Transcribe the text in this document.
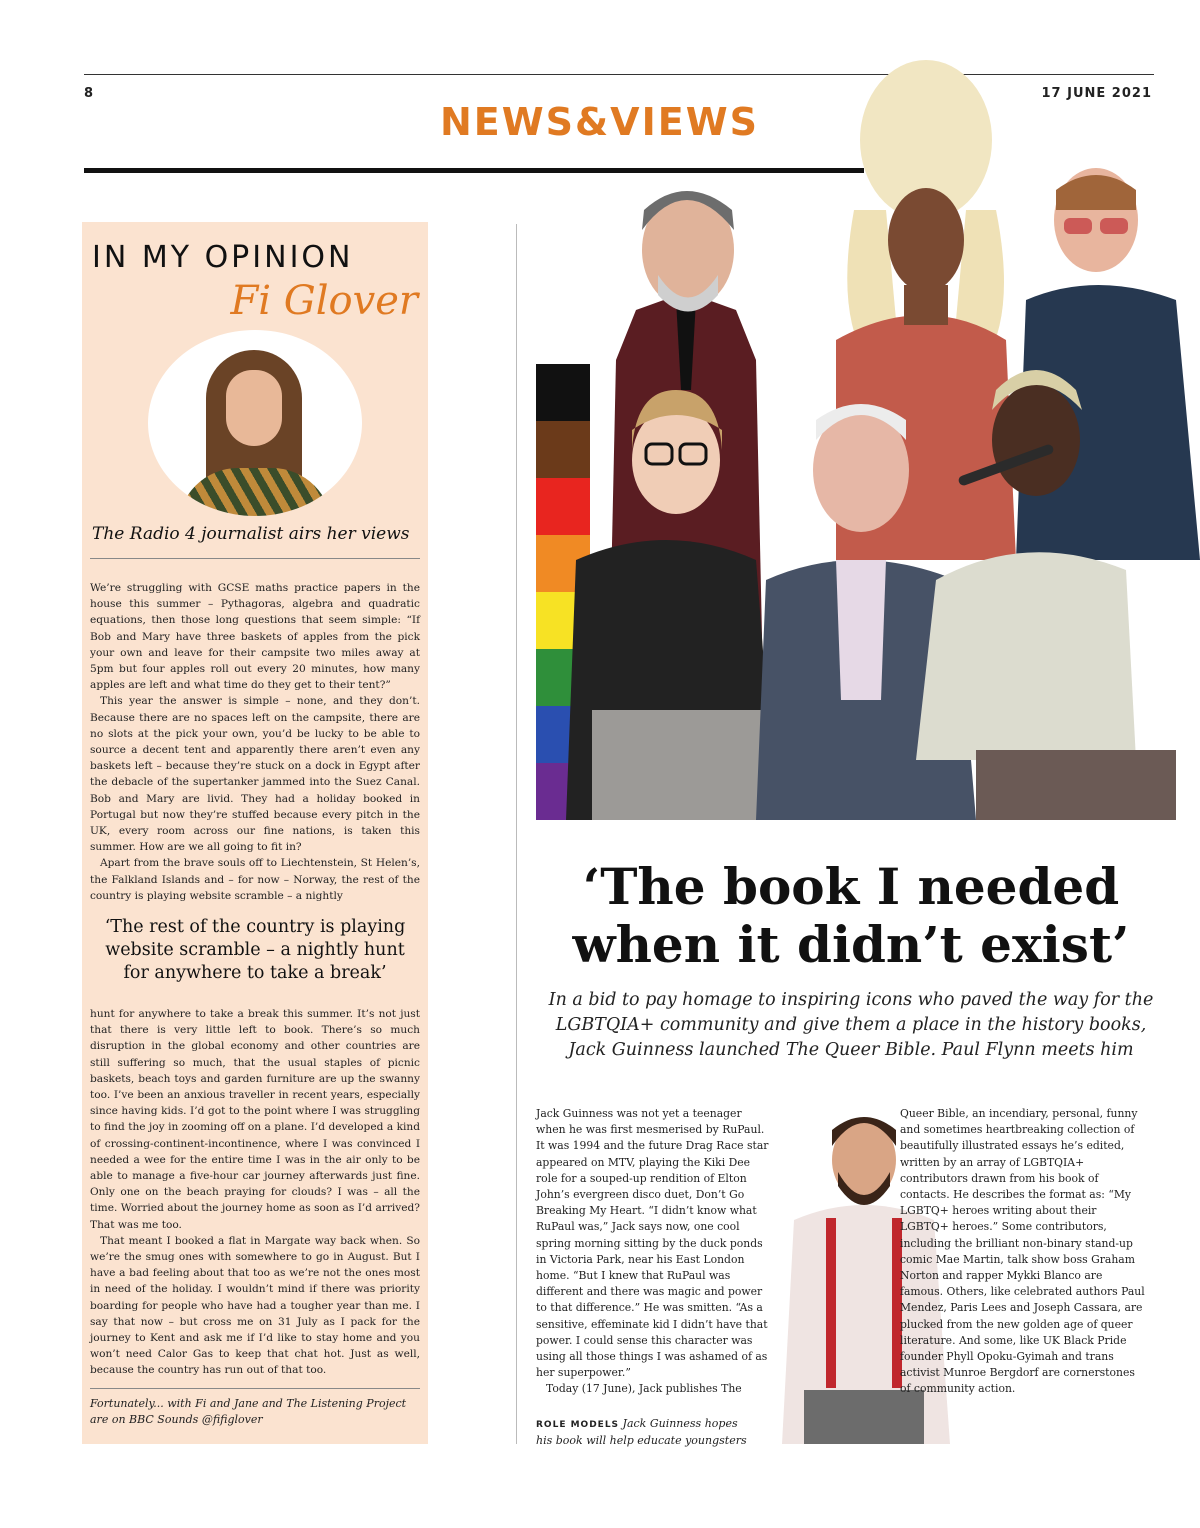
8	17 JUNE 2021
NEWS&VIEWS
IN MY OPINION
Fi Glover
The Radio 4 journalist airs her views

We’re struggling with GCSE maths practice papers in the house this summer – Pythagoras, algebra and quadratic equations, then those long questions that seem simple: “If Bob and Mary have three baskets of apples from the pick your own and leave for their campsite two miles away at 5pm but four apples roll out every 20 minutes, how many apples are left and what time do they get to their tent?”

This year the answer is simple – none, and they don’t. Because there are no spaces left on the campsite, there are no slots at the pick your own, you’d be lucky to be able to source a decent tent and apparently there aren’t even any baskets left – because they’re stuck on a dock in Egypt after the debacle of the supertanker jammed into the Suez Canal. Bob and Mary are livid. They had a holiday booked in Portugal but now they’re stuffed because every pitch in the UK, every room across our fine nations, is taken this summer. How are we all going to fit in?

Apart from the brave souls off to Liechtenstein, St Helen’s, the Falkland Islands and – for now – Norway, the rest of the country is playing website scramble – a nightly

‘The rest of the country is playing website scramble – a nightly hunt for anywhere to take a break’

hunt for anywhere to take a break this summer. It’s not just that there is very little left to book. There’s so much disruption in the global economy and other countries are still suffering so much, that the usual staples of picnic baskets, beach toys and garden furniture are up the swanny too. I’ve been an anxious traveller in recent years, especially since having kids. I’d got to the point where I was struggling to find the joy in zooming off on a plane. I’d developed a kind of crossing-continent-incontinence, where I was convinced I needed a wee for the entire time I was in the air only to be able to manage a five-hour car journey afterwards just fine. Only one on the beach praying for clouds? I was – all the time. Worried about the journey home as soon as I’d arrived? That was me too.

That meant I booked a flat in Margate way back when. So we’re the smug ones with somewhere to go in August. But I have a bad feeling about that too as we’re not the ones most in need of the holiday. I wouldn’t mind if there was priority boarding for people who have had a tougher year than me. I say that now – but cross me on 31 July as I pack for the journey to Kent and ask me if I’d like to stay home and you won’t need Calor Gas to keep that chat hot. Just as well, because the country has run out of that too.

Fortunately... with Fi and Jane and The Listening Project are on BBC Sounds @fifiglover
‘The book I needed when it didn’t exist’
In a bid to pay homage to inspiring icons who paved the way for the LGBTQIA+ community and give them a place in the history books, Jack Guinness launched The Queer Bible. Paul Flynn meets him

Jack Guinness was not yet a teenager when he was first mesmerised by RuPaul. It was 1994 and the future Drag Race star appeared on MTV, playing the Kiki Dee role for a souped-up rendition of Elton John’s evergreen disco duet, Don’t Go Breaking My Heart. “I didn’t know what RuPaul was,” Jack says now, one cool spring morning sitting by the duck ponds in Victoria Park, near his East London home. “But I knew that RuPaul was different and there was magic and power to that difference.” He was smitten. “As a sensitive, effeminate kid I didn’t have that power. I could sense this character was using all those things I was ashamed of as her superpower.”

Today (17 June), Jack publishes The

Queer Bible, an incendiary, personal, funny and sometimes heartbreaking collection of beautifully illustrated essays he’s edited, written by an array of LGBTQIA+ contributors drawn from his book of contacts. He describes the format as: “My LGBTQ+ heroes writing about their LGBTQ+ heroes.” Some contributors, including the brilliant non-binary stand-up comic Mae Martin, talk show boss Graham Norton and rapper Mykki Blanco are famous. Others, like celebrated authors Paul Mendez, Paris Lees and Joseph Cassara, are plucked from the new golden age of queer literature. And some, like UK Black Pride founder Phyll Opoku-Gyimah and trans activist Munroe Bergdorf are cornerstones of community action.

ROLE MODELS Jack Guinness hopes his book will help educate youngsters
